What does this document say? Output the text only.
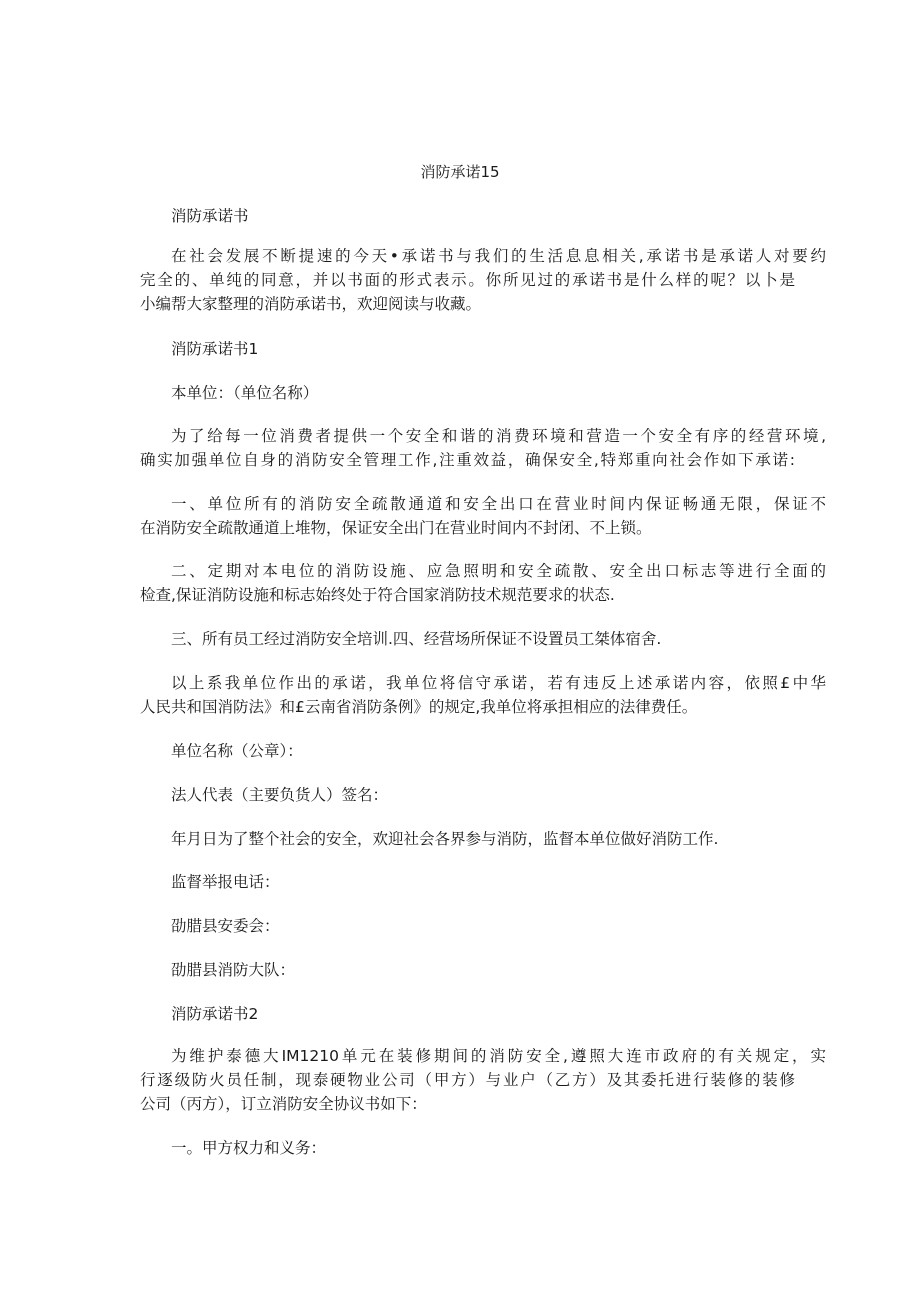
消防承诺15

消防承诺书

在社会发展不断提速的今天•承诺书与我们的生活息息相关,承诺书是承诺人对要约

完全的、单纯的同意，并以书面的形式表示。你所见过的承诺书是什么样的呢？以卜是

小编帮大家整理的消防承诺书，欢迎阅读与收藏。

消防承诺书1

本单位：（单位名称）

为了给每一位消费者提供一个安全和谐的消费环境和营造一个安全有序的经营环境,

确实加强单位自身的消防安全管理工作,注重效益，确保安全,特郑重向社会作如下承诺:

一、单位所有的消防安全疏散通道和安全出口在营业时间内保证畅通无限，保证不

在消防安全疏散通道上堆物，保证安全出门在营业时间内不封闭、不上锁。

二、定期对本电位的消防设施、应急照明和安全疏散、安全出口标志等进行全面的

检查,保证消防设施和标志始终处于符合国家消防技术规范要求的状态.

三、所有员工经过消防安全培训.四、经营场所保证不设置员工桀体宿舍.

以上系我单位作出的承诺，我单位将信守承诺，若有违反上述承诺内容，依照£中华

人民共和国消防法》和£云南省消防条例》的规定,我单位将承担相应的法律费任。

单位名称（公章）：

法人代表（主要负货人）签名：

年月日为了整个社会的安全，欢迎社会各界参与消防，监督本单位做好消防工作.

监督举报电话：

劭腊县安委会：

劭腊县消防大队：

消防承诺书2

为维护泰德大IM1210单元在装修期间的消防安全,遵照大连市政府的有关规定，实

行逐级防火员任制，现泰硬物业公司（甲方）与业户（乙方）及其委托进行装修的装修

公司（丙方），订立消防安全协议书如下：

一。甲方权力和义务：
